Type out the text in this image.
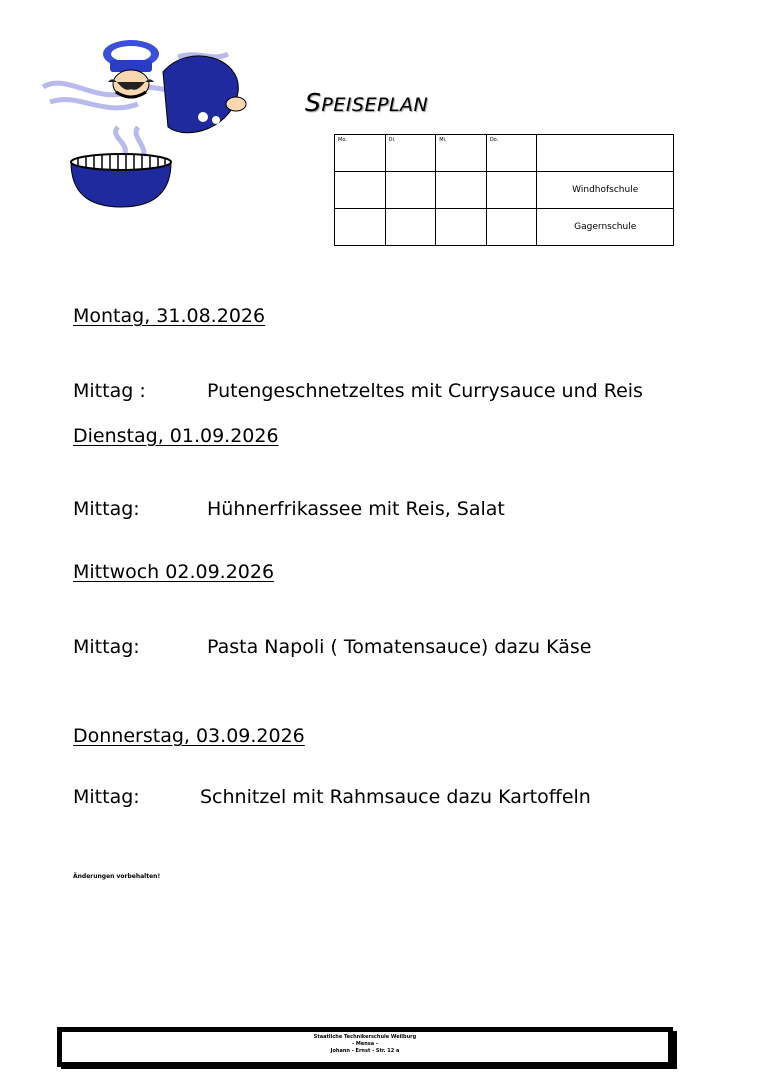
SPEISEPLAN
Mo.	Di.	Mi.	Do.	
				Windhofschule
				Gagernschule
Montag, 31.08.2026
Mittag :	Putengeschnetzeltes mit Currysauce und Reis
Dienstag, 01.09.2026
Mittag:	Hühnerfrikassee mit Reis, Salat
Mittwoch 02.09.2026
Mittag:	Pasta Napoli ( Tomatensauce) dazu Käse
Donnerstag, 03.09.2026
Mittag:	Schnitzel mit Rahmsauce dazu Kartoffeln
Änderungen vorbehalten!
Staatliche Technikerschule Weilburg
- Mensa -
Johann - Ernst - Str. 12 a
